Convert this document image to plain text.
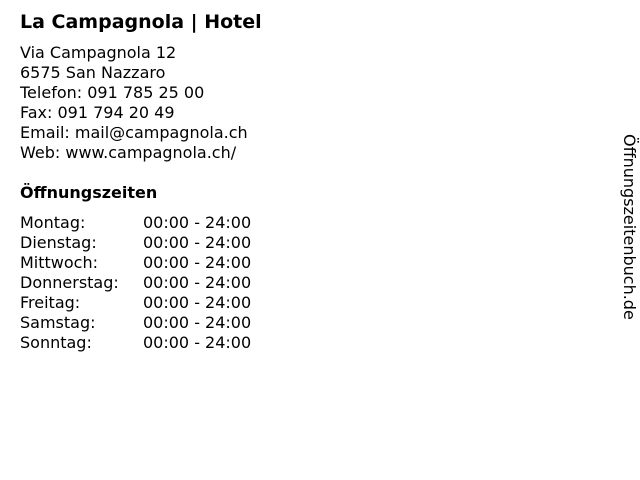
La Campagnola | Hotel
Via Campagnola 12
6575 San Nazzaro
Telefon: 091 785 25 00
Fax: 091 794 20 49
Email: mail@campagnola.ch
Web: www.campagnola.ch/
Öffnungszeiten
Montag:	00:00 - 24:00
Dienstag:	00:00 - 24:00
Mittwoch:	00:00 - 24:00
Donnerstag:	00:00 - 24:00
Freitag:	00:00 - 24:00
Samstag:	00:00 - 24:00
Sonntag:	00:00 - 24:00
Öffnungszeitenbuch.de
